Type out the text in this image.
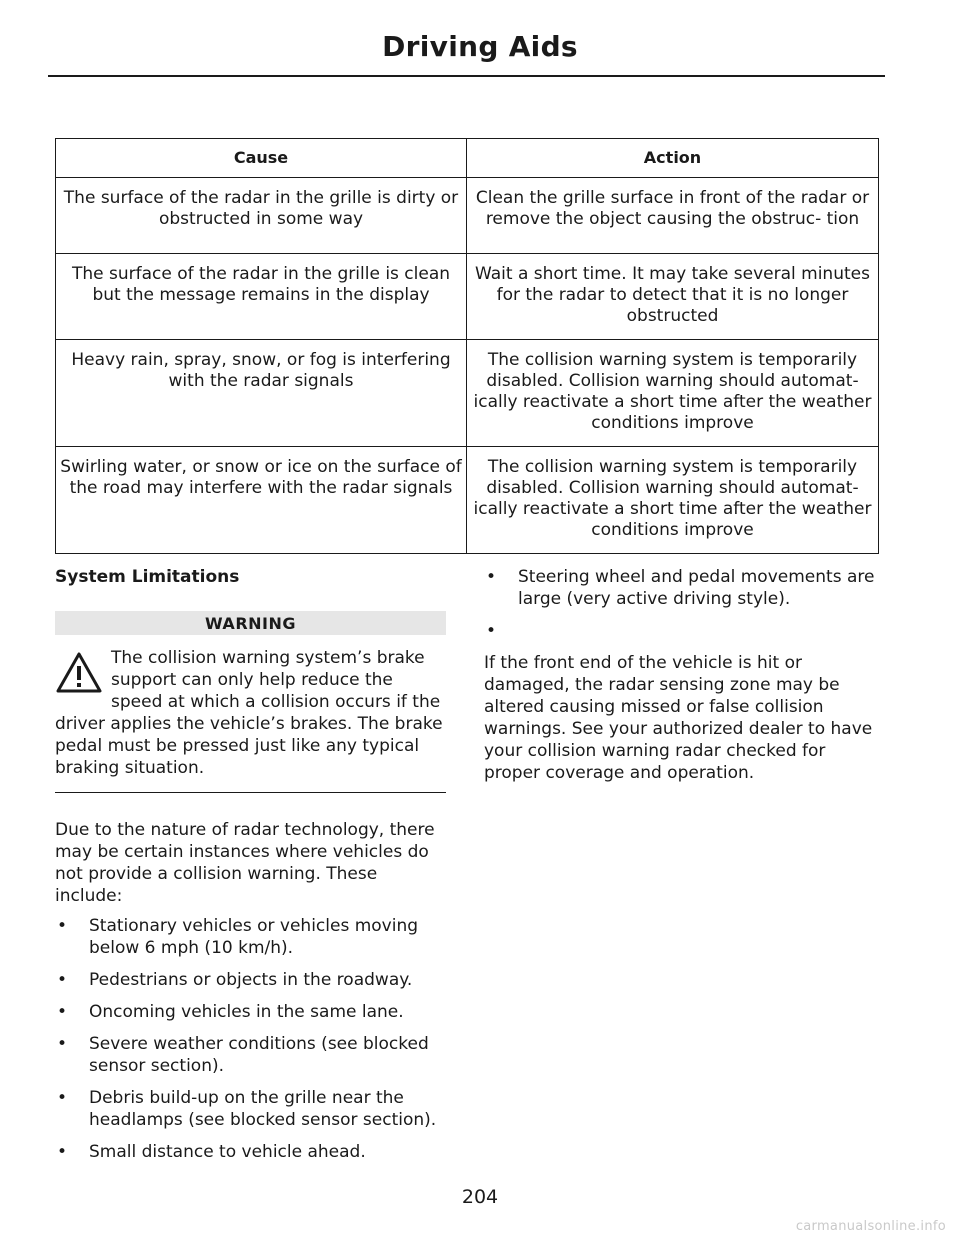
Driving Aids
Cause	Action
The surface of the radar in the grille is dirty or obstructed in some way	Clean the grille surface in front of the radar or remove the object causing the obstruc- tion
The surface of the radar in the grille is clean but the message remains in the display	Wait a short time. It may take several minutes for the radar to detect that it is no longer obstructed
Heavy rain, spray, snow, or fog is interfering with the radar signals	The collision warning system is temporarily disabled. Collision warning should automat- ically reactivate a short time after the weather conditions improve
Swirling water, or snow or ice on the surface of the road may interfere with the radar signals	The collision warning system is temporarily disabled. Collision warning should automat- ically reactivate a short time after the weather conditions improve

System Limitations

WARNING
The collision warning system’s brake support can only help reduce the speed at which a collision occurs if the driver applies the vehicle’s brakes. The brake pedal must be pressed just like any typical braking situation.
Due to the nature of radar technology, there may be certain instances where vehicles do not provide a collision warning. These include:
• Stationary vehicles or vehicles moving below 6 mph (10 km/h).
• Pedestrians or objects in the roadway.
• Oncoming vehicles in the same lane.
• Severe weather conditions (see blocked sensor section).
• Debris build-up on the grille near the headlamps (see blocked sensor section).
• Small distance to vehicle ahead.
• Steering wheel and pedal movements are large (very active driving style).
•
If the front end of the vehicle is hit or damaged, the radar sensing zone may be altered causing missed or false collision warnings. See your authorized dealer to have your collision warning radar checked for proper coverage and operation.
204
carmanualsonline.info
